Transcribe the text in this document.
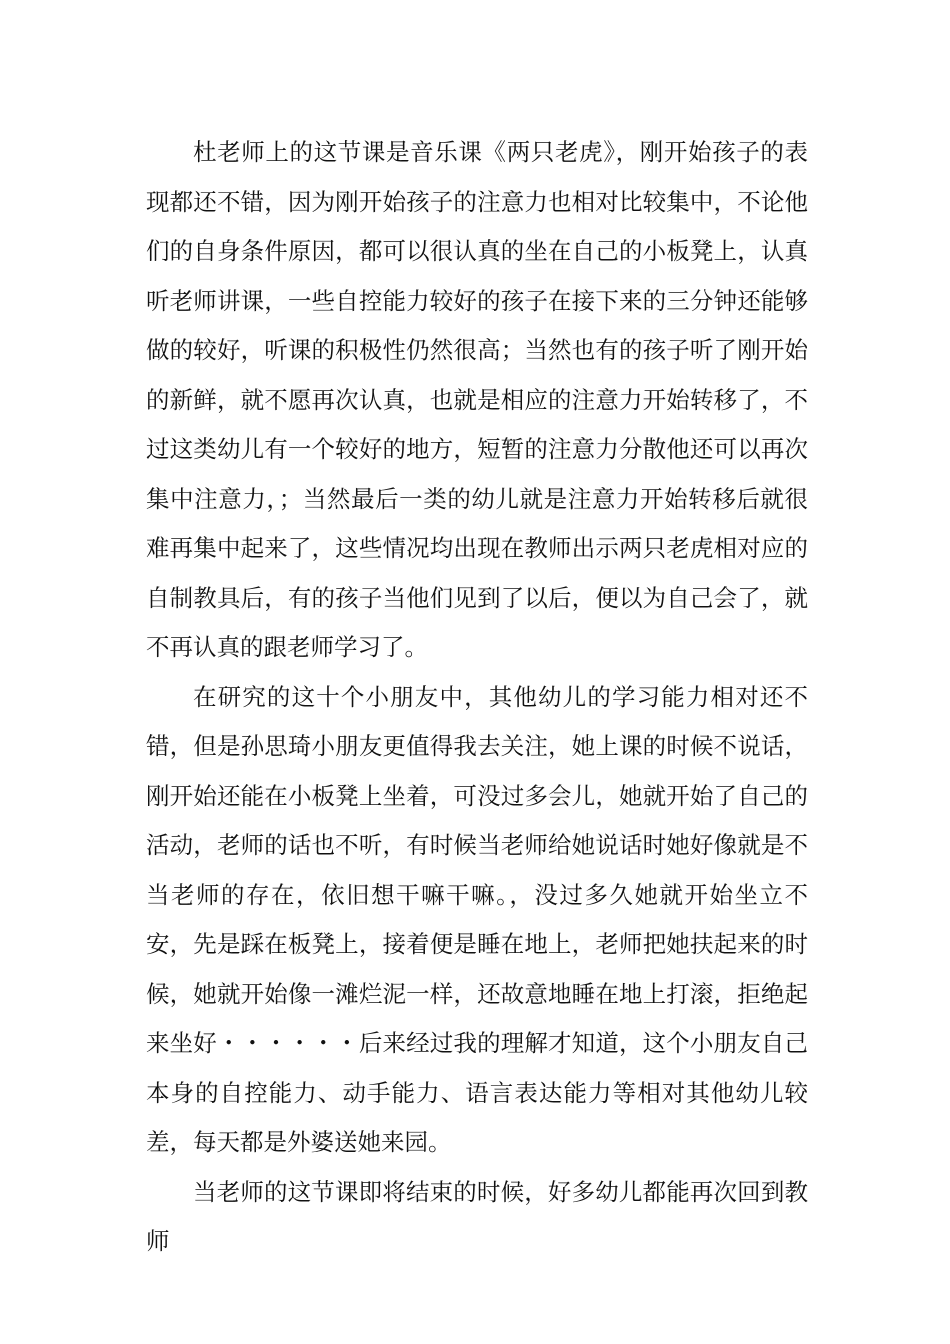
杜老师上的这节课是音乐课《两只老虎》，刚开始孩子的表现都还不错，因为刚开始孩子的注意力也相对比较集中，不论他们的自身条件原因，都可以很认真的坐在自己的小板凳上，认真听老师讲课，一些自控能力较好的孩子在接下来的三分钟还能够做的较好，听课的积极性仍然很高；当然也有的孩子听了刚开始的新鲜，就不愿再次认真，也就是相应的注意力开始转移了，不过这类幼儿有一个较好的地方，短暂的注意力分散他还可以再次集中注意力，；当然最后一类的幼儿就是注意力开始转移后就很难再集中起来了，这些情况均出现在教师出示两只老虎相对应的自制教具后，有的孩子当他们见到了以后，便以为自己会了，就不再认真的跟老师学习了。

在研究的这十个小朋友中，其他幼儿的学习能力相对还不错，但是孙思琦小朋友更值得我去关注，她上课的时候不说话，刚开始还能在小板凳上坐着，可没过多会儿，她就开始了自己的活动，老师的话也不听，有时候当老师给她说话时她好像就是不当老师的存在，依旧想干嘛干嘛。，没过多久她就开始坐立不安，先是踩在板凳上，接着便是睡在地上，老师把她扶起来的时候，她就开始像一滩烂泥一样，还故意地睡在地上打滚，拒绝起来坐好・・・・・・后来经过我的理解才知道，这个小朋友自己本身的自控能力、动手能力、语言表达能力等相对其他幼儿较差，每天都是外婆送她来园。

当老师的这节课即将结束的时候，好多幼儿都能再次回到教师
